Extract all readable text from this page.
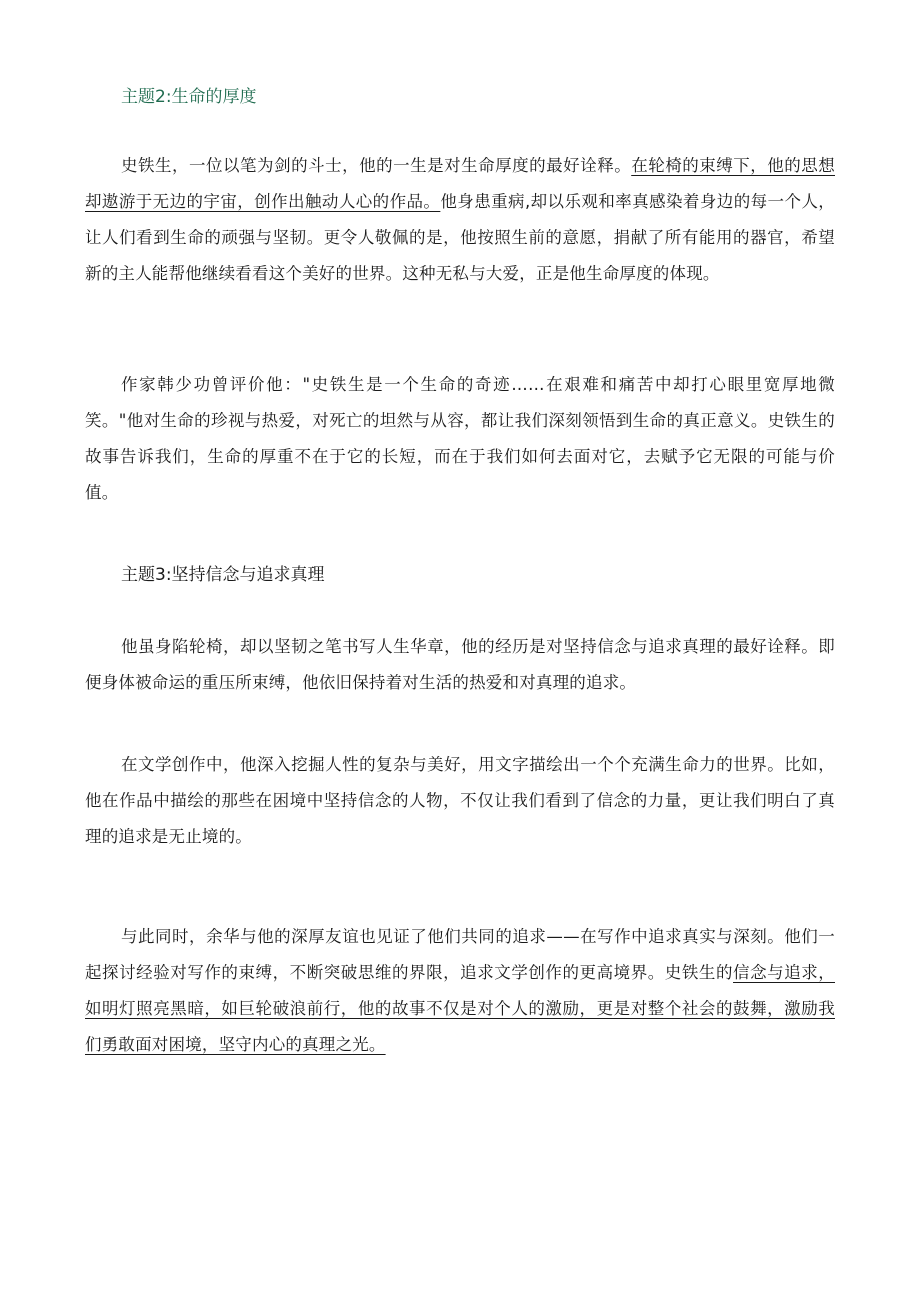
主题2:生命的厚度

史铁生，一位以笔为剑的斗士，他的一生是对生命厚度的最好诠释。在轮椅的束缚下，他的思想却遨游于无边的宇宙，创作出触动人心的作品。他身患重病,却以乐观和率真感染着身边的每一个人，让人们看到生命的顽强与坚韧。更令人敬佩的是，他按照生前的意愿，捐献了所有能用的器官，希望新的主人能帮他继续看看这个美好的世界。这种无私与大爱，正是他生命厚度的体现。

作家韩少功曾评价他："史铁生是一个生命的奇迹……在艰难和痛苦中却打心眼里宽厚地微笑。"他对生命的珍视与热爱，对死亡的坦然与从容，都让我们深刻领悟到生命的真正意义。史铁生的故事告诉我们，生命的厚重不在于它的长短，而在于我们如何去面对它，去赋予它无限的可能与价值。

主题3:坚持信念与追求真理

他虽身陷轮椅，却以坚韧之笔书写人生华章，他的经历是对坚持信念与追求真理的最好诠释。即便身体被命运的重压所束缚，他依旧保持着对生活的热爱和对真理的追求。

在文学创作中，他深入挖掘人性的复杂与美好，用文字描绘出一个个充满生命力的世界。比如，他在作品中描绘的那些在困境中坚持信念的人物，不仅让我们看到了信念的力量，更让我们明白了真理的追求是无止境的。

与此同时，余华与他的深厚友谊也见证了他们共同的追求——在写作中追求真实与深刻。他们一起探讨经验对写作的束缚，不断突破思维的界限，追求文学创作的更高境界。史铁生的信念与追求，如明灯照亮黑暗，如巨轮破浪前行，他的故事不仅是对个人的激励，更是对整个社会的鼓舞，激励我们勇敢面对困境，坚守内心的真理之光。
